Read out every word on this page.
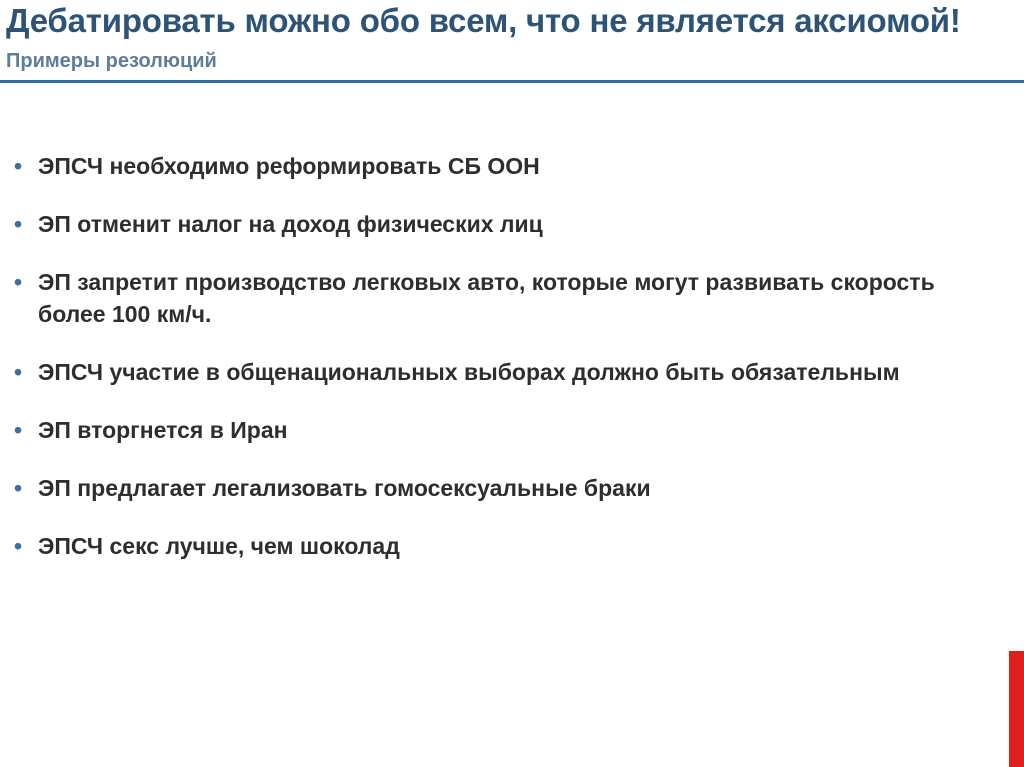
Дебатировать можно обо всем, что не является аксиомой!
Примеры резолюций
• ЭПСЧ необходимо реформировать СБ ООН
• ЭП отменит налог на доход физических лиц
• ЭП запретит производство легковых авто, которые могут развивать скорость более 100 км/ч.
• ЭПСЧ участие в общенациональных выборах должно быть обязательным
• ЭП вторгнется в Иран
• ЭП предлагает легализовать гомосексуальные браки
• ЭПСЧ секс лучше, чем шоколад
